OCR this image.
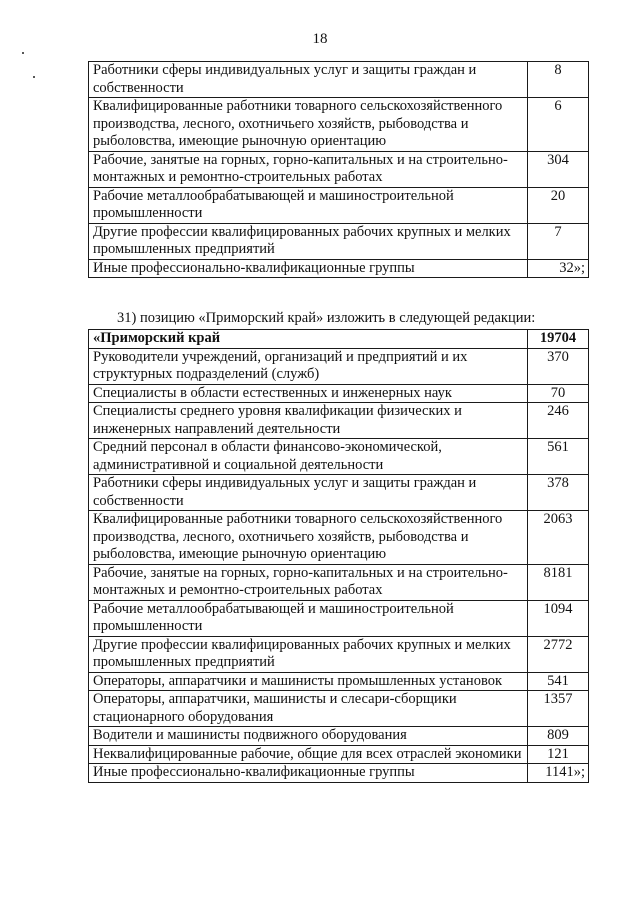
18
Работники сферы индивидуальных услуг и защиты граждан и собственности	8
Квалифицированные работники товарного сельскохозяйственного производства, лесного, охотничьего хозяйств, рыбоводства и рыболовства, имеющие рыночную ориентацию	6
Рабочие, занятые на горных, горно-капитальных и на строительно-монтажных и ремонтно-строительных работах	304
Рабочие металлообрабатывающей и машиностроительной промышленности	20
Другие профессии квалифицированных рабочих крупных и мелких промышленных предприятий	7
Иные профессионально-квалификационные группы	32»;
31) позицию «Приморский край» изложить в следующей редакции:
«Приморский край	19704
Руководители учреждений, организаций и предприятий и их структурных подразделений (служб)	370
Специалисты в области естественных и инженерных наук	70
Специалисты среднего уровня квалификации физических и инженерных направлений деятельности	246
Средний персонал в области финансово-экономической, административной и социальной деятельности	561
Работники сферы индивидуальных услуг и защиты граждан и собственности	378
Квалифицированные работники товарного сельскохозяйственного производства, лесного, охотничьего хозяйств, рыбоводства и рыболовства, имеющие рыночную ориентацию	2063
Рабочие, занятые на горных, горно-капитальных и на строительно-монтажных и ремонтно-строительных работах	8181
Рабочие металлообрабатывающей и машиностроительной промышленности	1094
Другие профессии квалифицированных рабочих крупных и мелких промышленных предприятий	2772
Операторы, аппаратчики и машинисты промышленных установок	541
Операторы, аппаратчики, машинисты и слесари-сборщики стационарного оборудования	1357
Водители и машинисты подвижного оборудования	809
Неквалифицированные рабочие, общие для всех отраслей экономики	121
Иные профессионально-квалификационные группы	1141»;
